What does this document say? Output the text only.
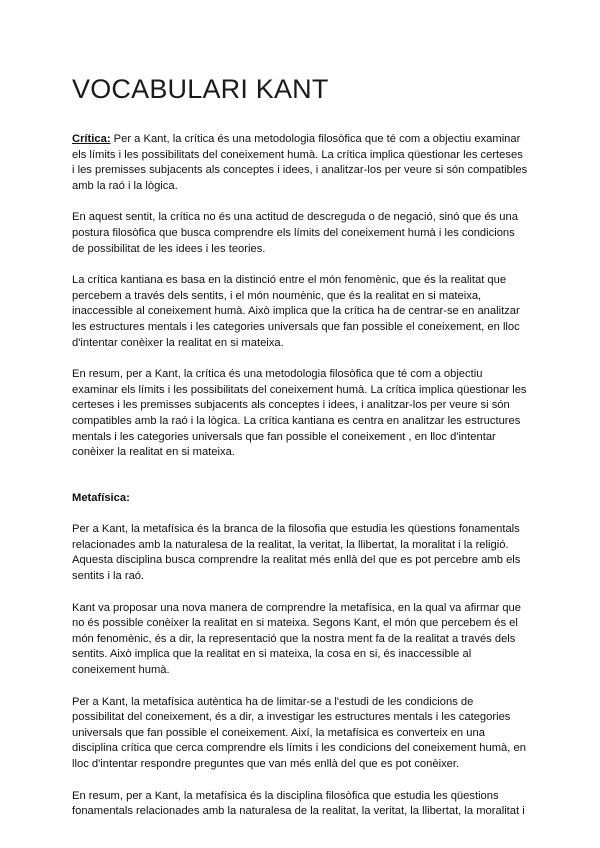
VOCABULARI KANT

Crítica: Per a Kant, la crítica és una metodologia filosòfica que té com a objectiu examinar els límits i les possibilitats del coneixement humà. La crítica implica qüestionar les certeses i les premisses subjacents als conceptes i idees, i analitzar-los per veure si són compatibles amb la raó i la lògica.

En aquest sentit, la crítica no és una actitud de descreguda o de negació, sinó que és una postura filosòfica que busca comprendre els límits del coneixement humà i les condicions de possibilitat de les idees i les teories.

La crítica kantiana es basa en la distinció entre el món fenomènic, que és la realitat que percebem a través dels sentits, i el món noumènic, que és la realitat en si mateixa, inaccessible al coneixement humà. Això implica que la crítica ha de centrar-se en analitzar les estructures mentals i les categories universals que fan possible el coneixement, en lloc d'intentar conèixer la realitat en si mateixa.

En resum, per a Kant, la crítica és una metodologia filosòfica que té com a objectiu examinar els límits i les possibilitats del coneixement humà. La crítica implica qüestionar les certeses i les premisses subjacents als conceptes i idees, i analitzar-los per veure si són compatibles amb la raó i la lògica. La crítica kantiana es centra en analitzar les estructures mentals i les categories universals que fan possible el coneixement , en lloc d'intentar conèixer la realitat en si mateixa.

Metafísica:

Per a Kant, la metafísica és la branca de la filosofia que estudia les qüestions fonamentals relacionades amb la naturalesa de la realitat, la veritat, la llibertat, la moralitat i la religió. Aquesta disciplina busca comprendre la realitat més enllà del que es pot percebre amb els sentits i la raó.

Kant va proposar una nova manera de comprendre la metafísica, en la qual va afirmar que no és possible conèixer la realitat en si mateixa. Segons Kant, el món que percebem és el món fenomènic, és a dir, la representació que la nostra ment fa de la realitat a través dels sentits. Això implica que la realitat en si mateixa, la cosa en si, és inaccessible al coneixement humà.

Per a Kant, la metafísica autèntica ha de limitar-se a l'estudi de les condicions de possibilitat del coneixement, és a dir, a investigar les estructures mentals i les categories universals que fan possible el coneixement. Així, la metafísica es converteix en una disciplina crítica que cerca comprendre els límits i les condicions del coneixement humà, en lloc d'intentar respondre preguntes que van més enllà del que es pot conèixer.

En resum, per a Kant, la metafísica és la disciplina filosòfica que estudia les qüestions fonamentals relacionades amb la naturalesa de la realitat, la veritat, la llibertat, la moralitat i
